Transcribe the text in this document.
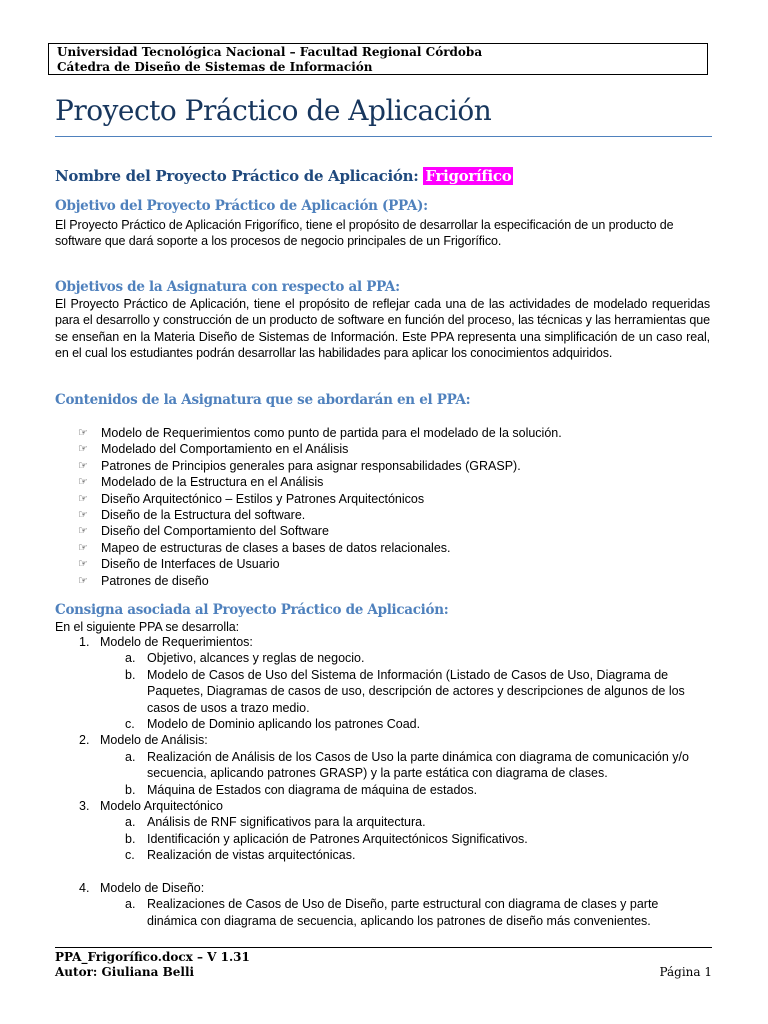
Universidad Tecnológica Nacional – Facultad Regional Córdoba
Cátedra de Diseño de Sistemas de Información
Proyecto Práctico de Aplicación
Nombre del Proyecto Práctico de Aplicación: Frigorífico
Objetivo del Proyecto Práctico de Aplicación (PPA):
El Proyecto Práctico de Aplicación Frigorífico, tiene el propósito de desarrollar la especificación de un producto de software que dará soporte a los procesos de negocio principales de un Frigorífico.
Objetivos de la Asignatura con respecto al PPA:
El Proyecto Práctico de Aplicación, tiene el propósito de reflejar cada una de las actividades de modelado requeridas para el desarrollo y construcción de un producto de software en función del proceso, las técnicas y las herramientas que se enseñan en la Materia Diseño de Sistemas de Información. Este PPA representa una simplificación de un caso real, en el cual los estudiantes podrán desarrollar las habilidades para aplicar los conocimientos adquiridos.
Contenidos de la Asignatura que se abordarán en el PPA:
☞ Modelo de Requerimientos como punto de partida para el modelado de la solución.
☞ Modelado del Comportamiento en el Análisis
☞ Patrones de Principios generales para asignar responsabilidades (GRASP).
☞ Modelado de la Estructura en el Análisis
☞ Diseño Arquitectónico – Estilos y Patrones Arquitectónicos
☞ Diseño de la Estructura del software.
☞ Diseño del Comportamiento del Software
☞ Mapeo de estructuras de clases a bases de datos relacionales.
☞ Diseño de Interfaces de Usuario
☞ Patrones de diseño
Consigna asociada al Proyecto Práctico de Aplicación:
En el siguiente PPA se desarrolla:
1. Modelo de Requerimientos:
a. Objetivo, alcances y reglas de negocio.
b. Modelo de Casos de Uso del Sistema de Información (Listado de Casos de Uso, Diagrama de Paquetes, Diagramas de casos de uso, descripción de actores y descripciones de algunos de los casos de usos a trazo medio.
c. Modelo de Dominio aplicando los patrones Coad.
2. Modelo de Análisis:
a. Realización de Análisis de los Casos de Uso la parte dinámica con diagrama de comunicación y/o secuencia, aplicando patrones GRASP) y la parte estática con diagrama de clases.
b. Máquina de Estados con diagrama de máquina de estados.
3. Modelo Arquitectónico
a. Análisis de RNF significativos para la arquitectura.
b. Identificación y aplicación de Patrones Arquitectónicos Significativos.
c. Realización de vistas arquitectónicas.
4. Modelo de Diseño:
a. Realizaciones de Casos de Uso de Diseño, parte estructural con diagrama de clases y parte dinámica con diagrama de secuencia, aplicando los patrones de diseño más convenientes.
PPA_Frigorífico.docx – V 1.31
Autor: Giuliana Belli	Página 1
